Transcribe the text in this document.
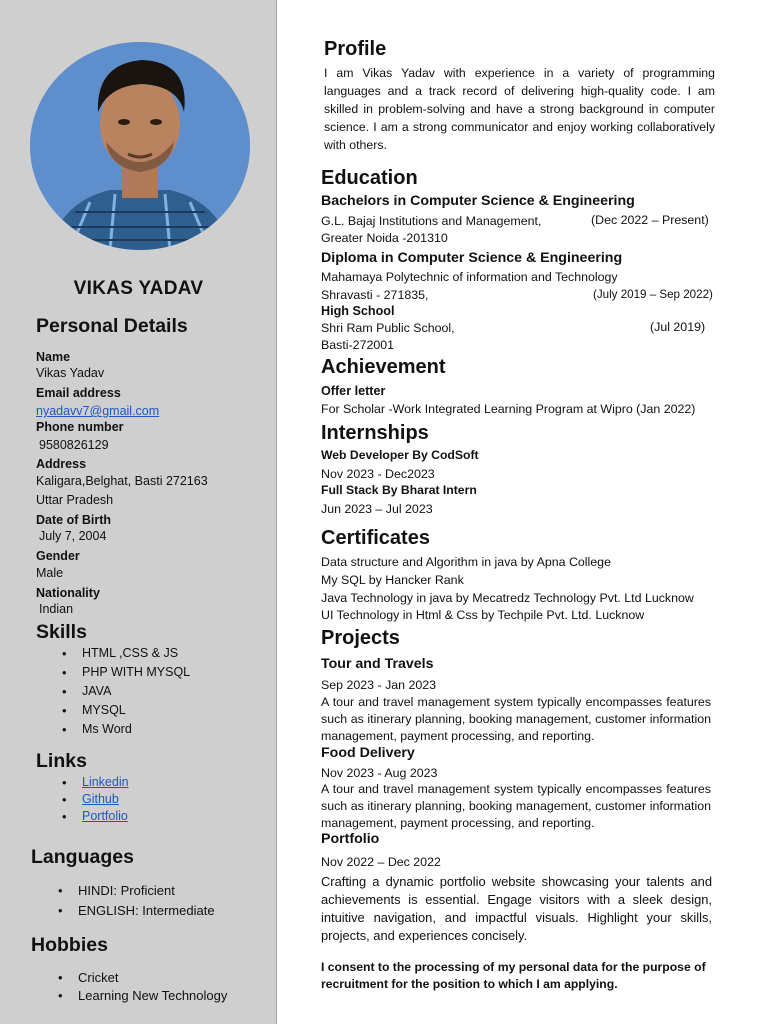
VIKAS YADAV
Personal Details
Name
Vikas Yadav
Email address
nyadavv7@gmail.com
Phone number
9580826129
Address
Kaligara,Belghat, Basti 272163
Uttar Pradesh
Date of Birth
July 7, 2004
Gender
Male
Nationality
Indian
Skills
• HTML ,CSS & JS
• PHP WITH MYSQL
• JAVA
• MYSQL
• Ms Word
Links
• Linkedin
• Github
• Portfolio
Languages
• HINDI: Proficient
• ENGLISH: Intermediate
Hobbies
• Cricket
• Learning New Technology
Profile
I am Vikas Yadav with experience in a variety of programming languages and a track record of delivering high-quality code. I am skilled in problem-solving and have a strong background in computer science. I am a strong communicator and enjoy working collaboratively with others.
Education
Bachelors in Computer Science & Engineering
G.L. Bajaj Institutions and Management,	(Dec 2022 – Present)
Greater Noida -201310
Diploma in Computer Science & Engineering
Mahamaya Polytechnic of information and Technology
Shravasti - 271835,	(July 2019 – Sep 2022)
High School
Shri Ram Public School,	(Jul 2019)
Basti-272001
Achievement
Offer letter
For Scholar -Work Integrated Learning Program at Wipro (Jan 2022)
Internships
Web Developer By CodSoft
Nov 2023 - Dec2023
Full Stack By Bharat Intern
Jun 2023 – Jul 2023
Certificates
Data structure and Algorithm in java by Apna College
My SQL by Hancker Rank
Java Technology in java by Mecatredz Technology Pvt. Ltd Lucknow
UI Technology in Html & Css by Techpile Pvt. Ltd. Lucknow
Projects
Tour and Travels
Sep 2023 - Jan 2023
A tour and travel management system typically encompasses features such as itinerary planning, booking management, customer information management, payment processing, and reporting.
Food Delivery
Nov 2023 - Aug 2023
A tour and travel management system typically encompasses features such as itinerary planning, booking management, customer information management, payment processing, and reporting.
Portfolio
Nov 2022 – Dec 2022
Crafting a dynamic portfolio website showcasing your talents and achievements is essential. Engage visitors with a sleek design, intuitive navigation, and impactful visuals. Highlight your skills, projects, and experiences concisely.
I consent to the processing of my personal data for the purpose of recruitment for the position to which I am applying.
